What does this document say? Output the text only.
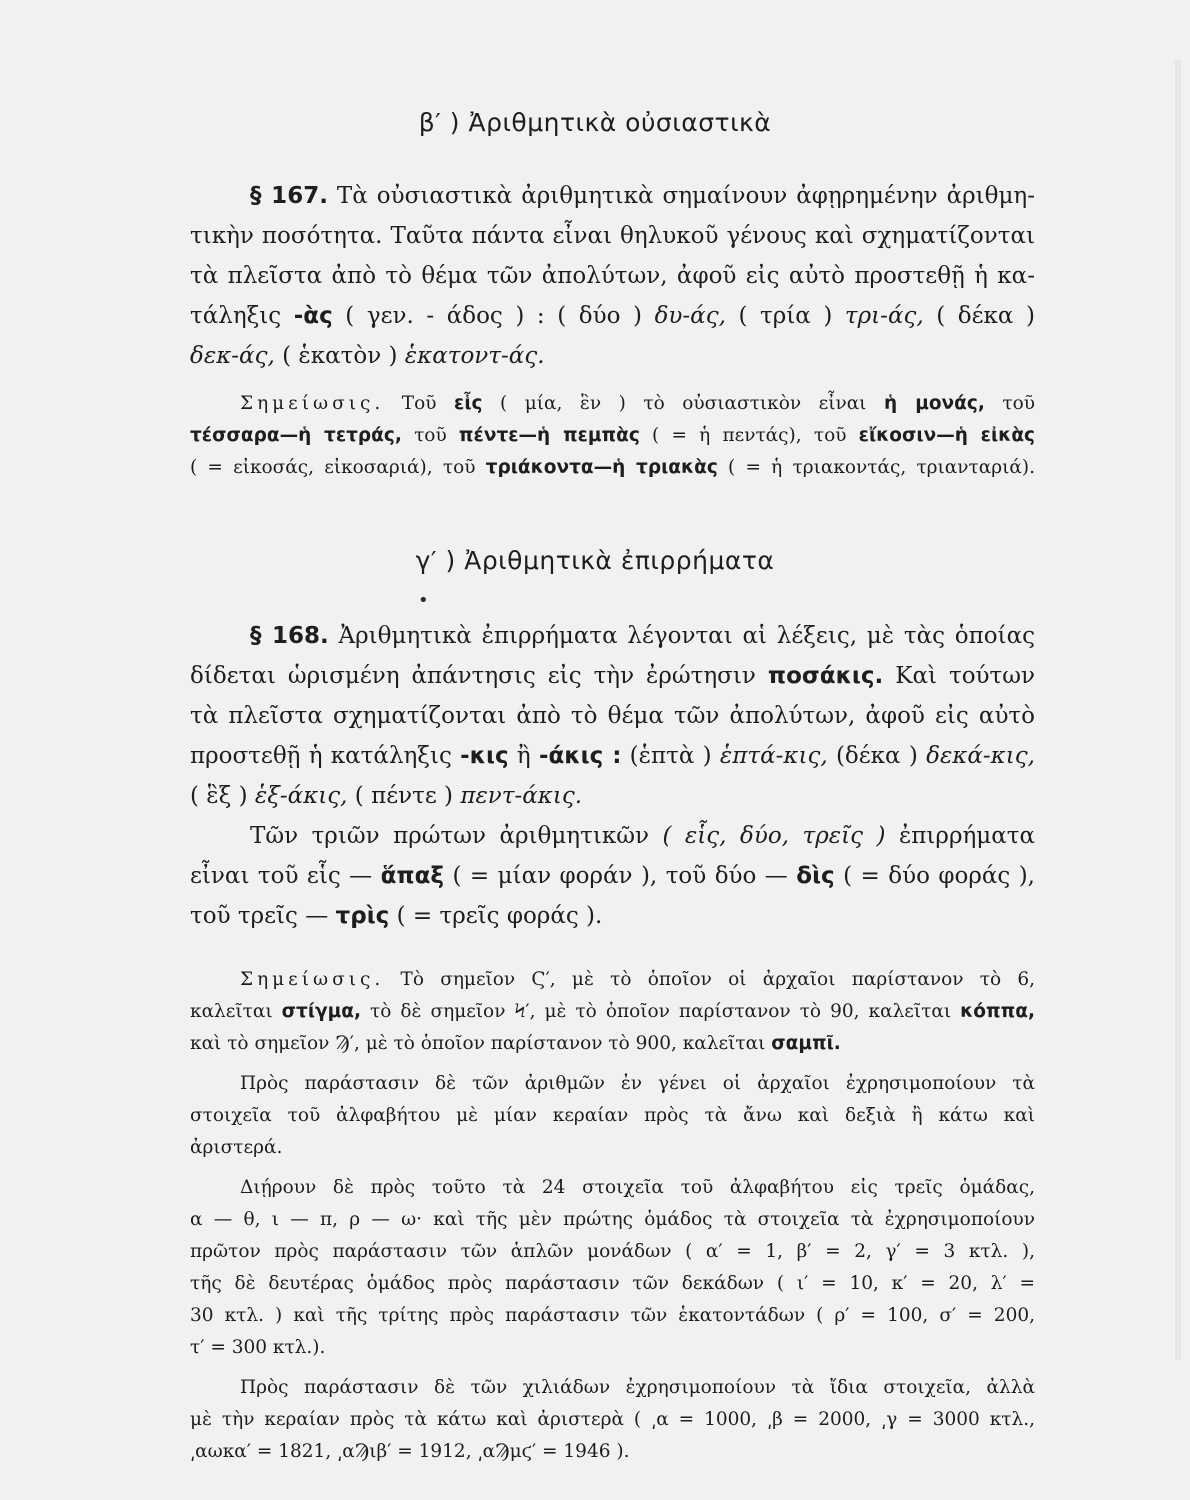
β′ ) Ἀριθμητικὰ οὐσιαστικὰ
§ 167. Τὰ οὐσιαστικὰ ἀριθμητικὰ σημαίνουν ἀφῃρημένην ἀριθμη-
τικὴν ποσότητα. Ταῦτα πάντα εἶναι θηλυκοῦ γένους καὶ σχηματίζονται
τὰ πλεῖστα ἀπὸ τὸ θέμα τῶν ἀπολύτων, ἀφοῦ εἰς αὐτὸ προστεθῇ ἡ κα-
τάληξις -ὰς ( γεν. - άδος ) : ( δύο ) δυ-άς, ( τρία ) τρι-άς, ( δέκα )
δεκ-άς, ( ἑκατὸν ) ἑκατοντ-άς.
Σημείωσις. Τοῦ εἷς ( μία, ἓν ) τὸ οὐσιαστικὸν εἶναι ἡ μονάς, τοῦ
τέσσαρα—ἡ τετράς, τοῦ πέντε—ἡ πεμπὰς ( = ἡ πεντάς), τοῦ εἴκοσιν—ἡ εἰκὰς
( = εἰκοσάς, εἰκοσαριά), τοῦ τριάκοντα—ἡ τριακὰς ( = ἡ τριακοντάς, τριανταριά).
γ′ ) Ἀριθμητικὰ ἐπιρρήματα
•
§ 168. Ἀριθμητικὰ ἐπιρρήματα λέγονται αἱ λέξεις, μὲ τὰς ὁποίας
δίδεται ὡρισμένη ἀπάντησις εἰς τὴν ἐρώτησιν ποσάκις. Καὶ τούτων
τὰ πλεῖστα σχηματίζονται ἀπὸ τὸ θέμα τῶν ἀπολύτων, ἀφοῦ εἰς αὐτὸ
προστεθῇ ἡ κατάληξις -κις ἢ -άκις : (ἑπτὰ ) ἑπτά-κις, (δέκα ) δεκά-κις,
( ἓξ ) ἑξ-άκις, ( πέντε ) πεντ-άκις.
Τῶν τριῶν πρώτων ἀριθμητικῶν ( εἷς, δύο, τρεῖς ) ἐπιρρήματα
εἶναι τοῦ εἷς — ἅπαξ ( = μίαν φοράν ), τοῦ δύο — δὶς ( = δύο φοράς ),
τοῦ τρεῖς — τρὶς ( = τρεῖς φοράς ).
Σημείωσις. Τὸ σημεῖον Ϛ′, μὲ τὸ ὁποῖον οἱ ἀρχαῖοι παρίστανον τὸ 6,
καλεῖται στίγμα, τὸ δὲ σημεῖον Ϟ′, μὲ τὸ ὁποῖον παρίστανον τὸ 90, καλεῖται κόππα,
καὶ τὸ σημεῖον Ϡ′, μὲ τὸ ὁποῖον παρίστανον τὸ 900, καλεῖται σαμπῖ.
Πρὸς παράστασιν δὲ τῶν ἀριθμῶν ἐν γένει οἱ ἀρχαῖοι ἐχρησιμοποίουν τὰ
στοιχεῖα τοῦ ἀλφαβήτου μὲ μίαν κεραίαν πρὸς τὰ ἄνω καὶ δεξιὰ ἢ κάτω καὶ
ἀριστερά.
Διῄρουν δὲ πρὸς τοῦτο τὰ 24 στοιχεῖα τοῦ ἀλφαβήτου εἰς τρεῖς ὁμάδας,
α — θ, ι — π, ρ — ω· καὶ τῆς μὲν πρώτης ὁμάδος τὰ στοιχεῖα τὰ ἐχρησιμοποίουν
πρῶτον πρὸς παράστασιν τῶν ἁπλῶν μονάδων ( α′ = 1, β′ = 2, γ′ = 3 κτλ. ),
τῆς δὲ δευτέρας ὁμάδος πρὸς παράστασιν τῶν δεκάδων ( ι′ = 10, κ′ = 20, λ′ =
30 κτλ. ) καὶ τῆς τρίτης πρὸς παράστασιν τῶν ἑκατοντάδων ( ρ′ = 100, σ′ = 200,
τ′ = 300 κτλ.).
Πρὸς παράστασιν δὲ τῶν χιλιάδων ἐχρησιμοποίουν τὰ ἴδια στοιχεῖα, ἀλλὰ
μὲ τὴν κεραίαν πρὸς τὰ κάτω καὶ ἀριστερὰ ( ͵α = 1000, ͵β = 2000, ͵γ = 3000 κτλ.,
͵αωκα′ = 1821, ͵αϠιβ′ = 1912, ͵αϠμϛ′ = 1946 ).
